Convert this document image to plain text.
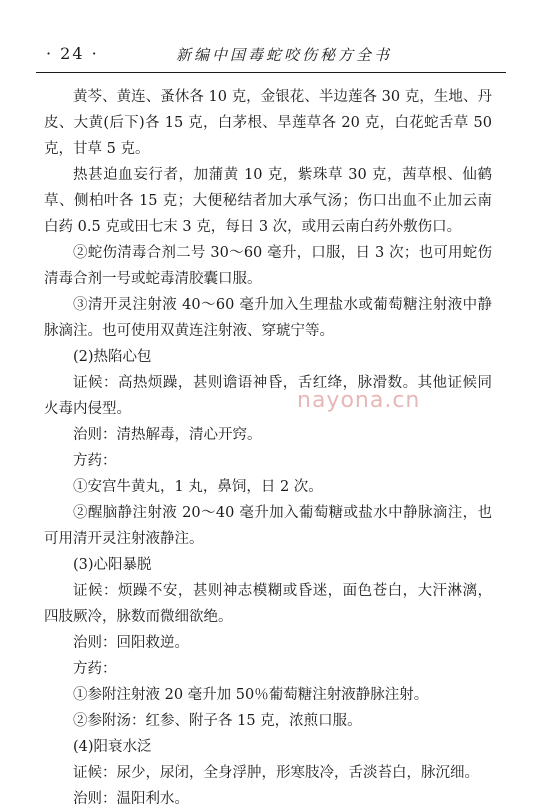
· 24 ·	新编中国毒蛇咬伤秘方全书

黄芩、黄连、蚤休各 10 克，金银花、半边莲各 30 克，生地、丹皮、大黄(后下)各 15 克，白茅根、旱莲草各 20 克，白花蛇舌草 50 克，甘草 5 克。

热甚迫血妄行者，加蒲黄 10 克，紫珠草 30 克，茜草根、仙鹤草、侧柏叶各 15 克；大便秘结者加大承气汤；伤口出血不止加云南白药 0.5 克或田七末 3 克，每日 3 次，或用云南白药外敷伤口。

②蛇伤清毒合剂二号 30～60 毫升，口服，日 3 次；也可用蛇伤清毒合剂一号或蛇毒清胶囊口服。

③清开灵注射液 40～60 毫升加入生理盐水或葡萄糖注射液中静脉滴注。也可使用双黄连注射液、穿琥宁等。

(2)热陷心包

证候：高热烦躁，甚则谵语神昏，舌红绛，脉滑数。其他证候同火毒内侵型。

治则：清热解毒，清心开窍。

方药：

①安宫牛黄丸，1 丸，鼻饲，日 2 次。

②醒脑静注射液 20～40 毫升加入葡萄糖或盐水中静脉滴注，也可用清开灵注射液静注。

(3)心阳暴脱

证候：烦躁不安，甚则神志模糊或昏迷，面色苍白，大汗淋漓，四肢厥冷，脉数而微细欲绝。

治则：回阳救逆。

方药：

①参附注射液 20 毫升加 50％葡萄糖注射液静脉注射。

②参附汤：红参、附子各 15 克，浓煎口服。

(4)阳衰水泛

证候：尿少，尿闭，全身浮肿，形寒肢冷，舌淡苔白，脉沉细。

治则：温阳利水。

nayona.cn
